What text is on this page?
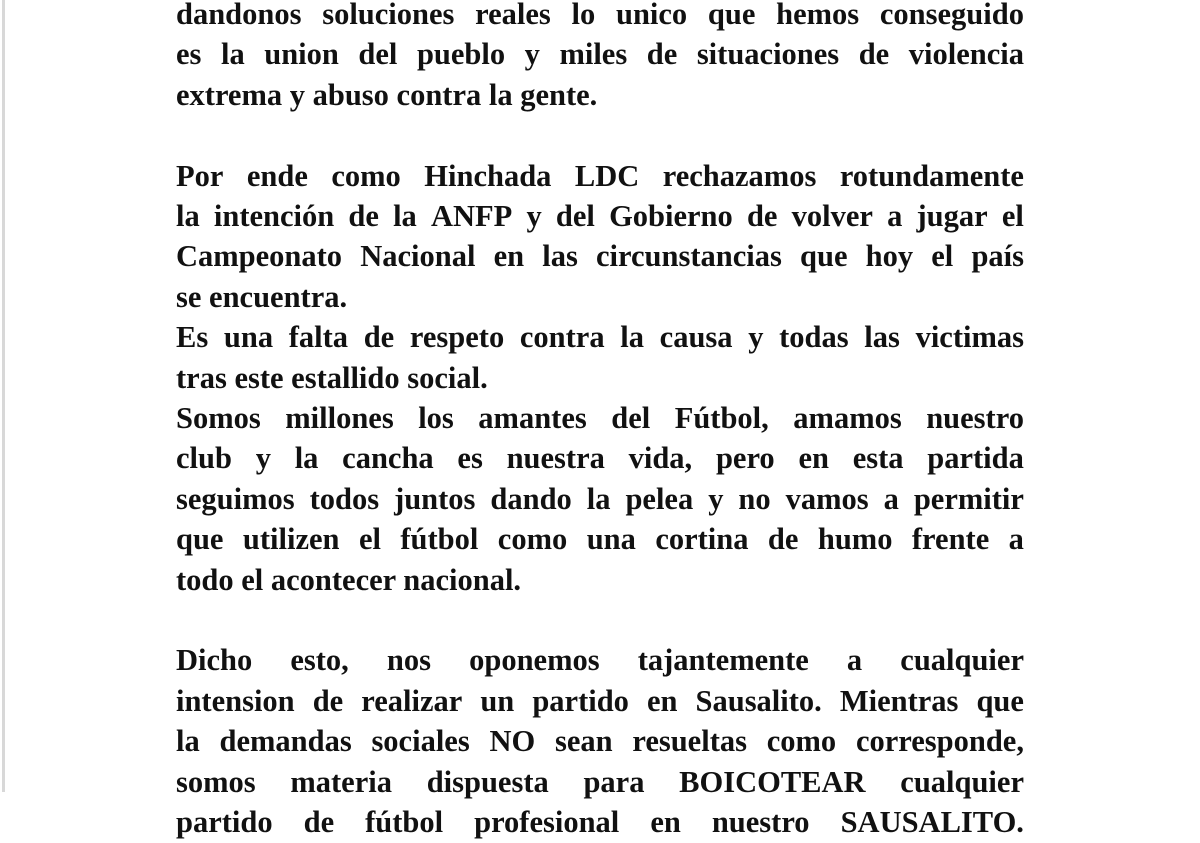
dandonos soluciones reales lo unico que hemos conseguido
es la union del pueblo y miles de situaciones de violencia
extrema y abuso contra la gente.
Por ende como Hinchada LDC rechazamos rotundamente
la intención de la ANFP y del Gobierno de volver a jugar el
Campeonato Nacional en las circunstancias que hoy el país
se encuentra.
Es una falta de respeto contra la causa y todas las victimas
tras este estallido social.
Somos millones los amantes del Fútbol, amamos nuestro
club y la cancha es nuestra vida, pero en esta partida
seguimos todos juntos dando la pelea y no vamos a permitir
que utilizen el fútbol como una cortina de humo frente a
todo el acontecer nacional.
Dicho esto, nos oponemos tajantemente a cualquier
intension de realizar un partido en Sausalito. Mientras que
la demandas sociales NO sean resueltas como corresponde,
somos materia dispuesta para BOICOTEAR cualquier
partido de fútbol profesional en nuestro SAUSALITO.
